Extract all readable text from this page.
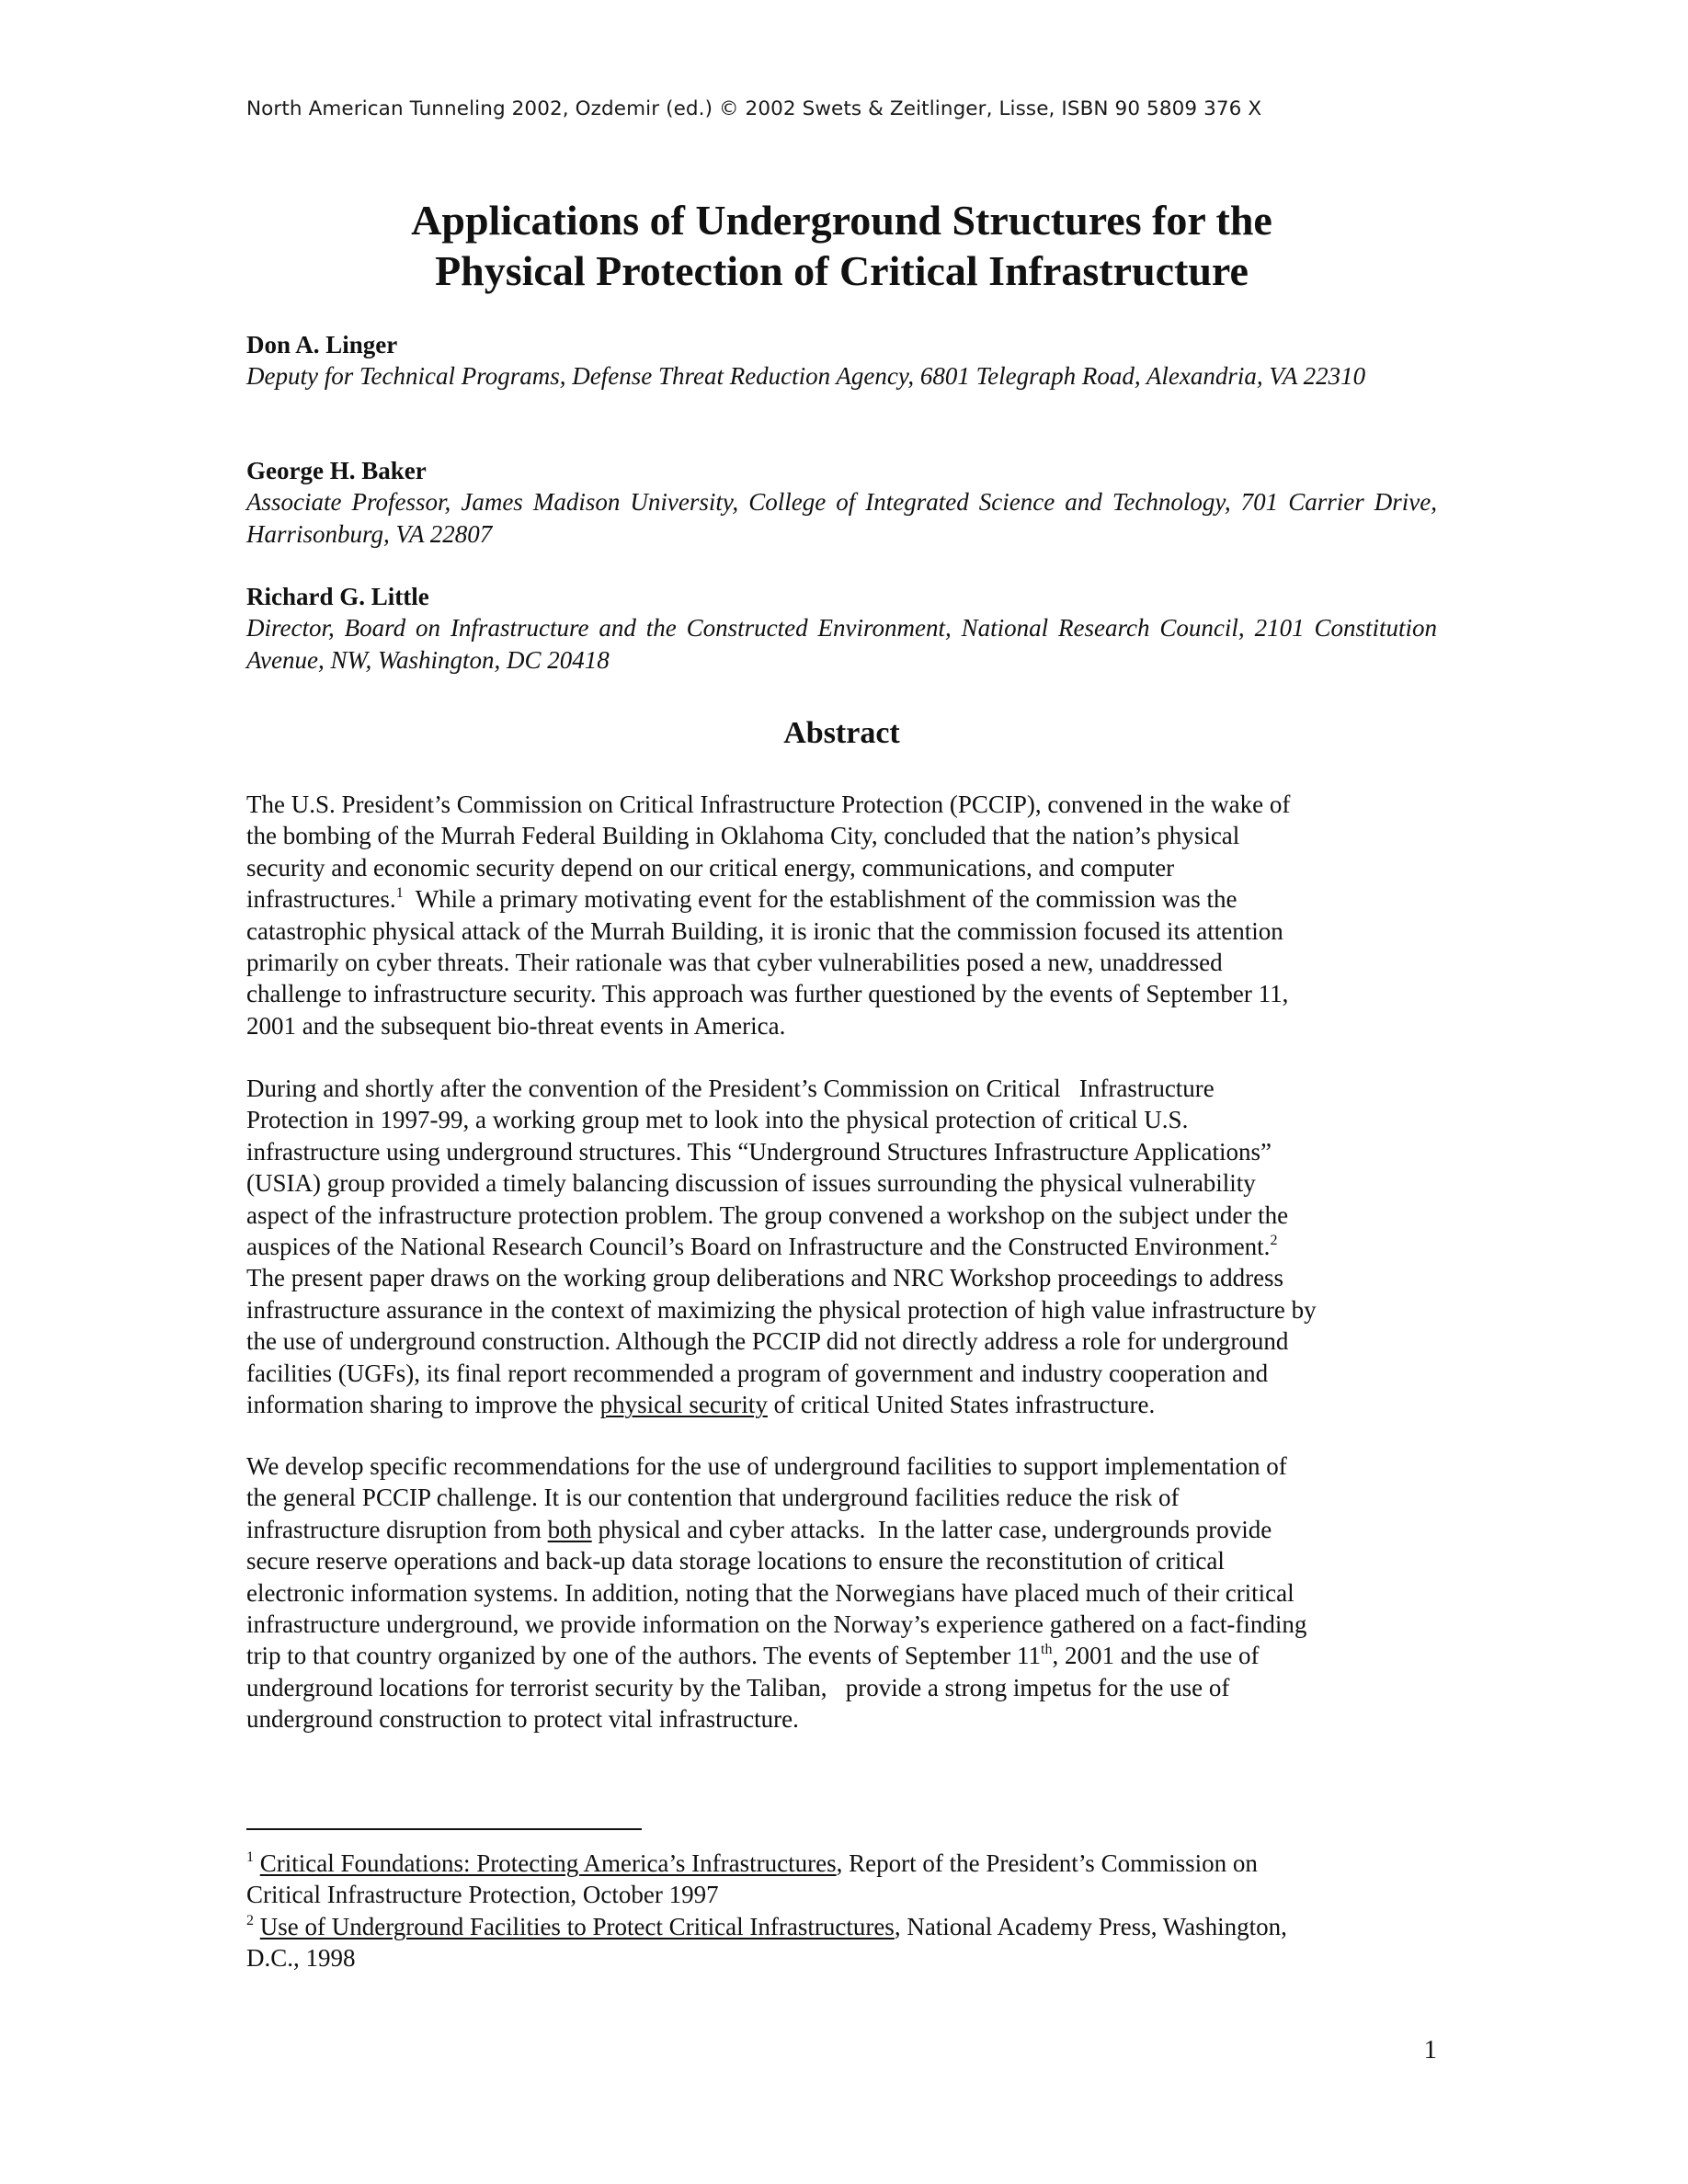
North American Tunneling 2002, Ozdemir (ed.) © 2002 Swets & Zeitlinger, Lisse, ISBN 90 5809 376 X
Applications of Underground Structures for the
Physical Protection of Critical Infrastructure
Don A. Linger
Deputy for Technical Programs, Defense Threat Reduction Agency, 6801 Telegraph Road, Alexandria, VA 22310
George H. Baker
Associate Professor, James Madison University, College of Integrated Science and Technology, 701 Carrier Drive, Harrisonburg, VA 22807
Richard G. Little
Director, Board on Infrastructure and the Constructed Environment, National Research Council, 2101 Constitution Avenue, NW, Washington, DC 20418
Abstract

The U.S. President’s Commission on Critical Infrastructure Protection (PCCIP), convened in the wake of
the bombing of the Murrah Federal Building in Oklahoma City, concluded that the nation’s physical
security and economic security depend on our critical energy, communications, and computer
infrastructures.$^1$  While a primary motivating event for the establishment of the commission was the
catastrophic physical attack of the Murrah Building, it is ironic that the commission focused its attention
primarily on cyber threats. Their rationale was that cyber vulnerabilities posed a new, unaddressed
challenge to infrastructure security. This approach was further questioned by the events of September 11,
2001 and the subsequent bio-threat events in America.

During and shortly after the convention of the President’s Commission on Critical   Infrastructure
Protection in 1997-99, a working group met to look into the physical protection of critical U.S.
infrastructure using underground structures. This “Underground Structures Infrastructure Applications”
(USIA) group provided a timely balancing discussion of issues surrounding the physical vulnerability
aspect of the infrastructure protection problem. The group convened a workshop on the subject under the
auspices of the National Research Council’s Board on Infrastructure and the Constructed Environment.$^2$
The present paper draws on the working group deliberations and NRC Workshop proceedings to address
infrastructure assurance in the context of maximizing the physical protection of high value infrastructure by
the use of underground construction. Although the PCCIP did not directly address a role for underground
facilities (UGFs), its final report recommended a program of government and industry cooperation and
information sharing to improve the physical security of critical United States infrastructure.

We develop specific recommendations for the use of underground facilities to support implementation of
the general PCCIP challenge. It is our contention that underground facilities reduce the risk of
infrastructure disruption from both physical and cyber attacks.  In the latter case, undergrounds provide
secure reserve operations and back-up data storage locations to ensure the reconstitution of critical
electronic information systems. In addition, noting that the Norwegians have placed much of their critical
infrastructure underground, we provide information on the Norway’s experience gathered on a fact-finding
trip to that country organized by one of the authors. The events of September 11th, 2001 and the use of
underground locations for terrorist security by the Taliban,   provide a strong impetus for the use of
underground construction to protect vital infrastructure.

$^1$ Critical Foundations: Protecting America’s Infrastructures, Report of the President’s Commission on
Critical Infrastructure Protection, October 1997
$^2$ Use of Underground Facilities to Protect Critical Infrastructures, National Academy Press, Washington,
D.C., 1998
1
